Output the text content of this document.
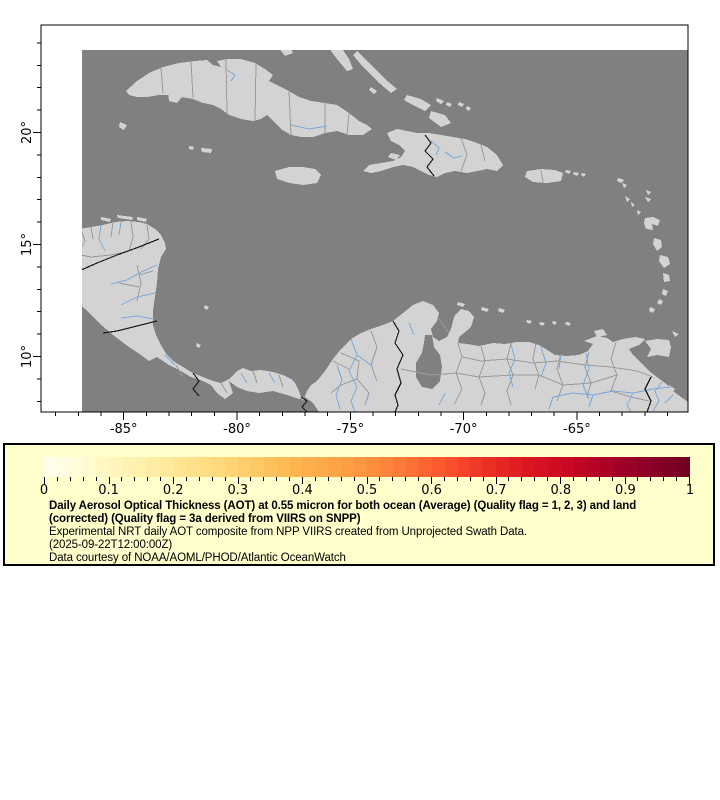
-85°	-80°	-75°	-70°	-65°
20°
15°
10°
0	0.1	0.2	0.3	0.4	0.5	0.6	0.7	0.8	0.9	1

Daily Aerosol Optical Thickness (AOT) at 0.55 micron for both ocean (Average) (Quality flag = 1, 2, 3) and land (corrected) (Quality flag = 3a derived from VIIRS on SNPP)

Experimental NRT daily AOT composite from NPP VIIRS created from Unprojected Swath Data.

(2025-09-22T12:00:00Z)

Data courtesy of NOAA/AOML/PHOD/Atlantic OceanWatch
